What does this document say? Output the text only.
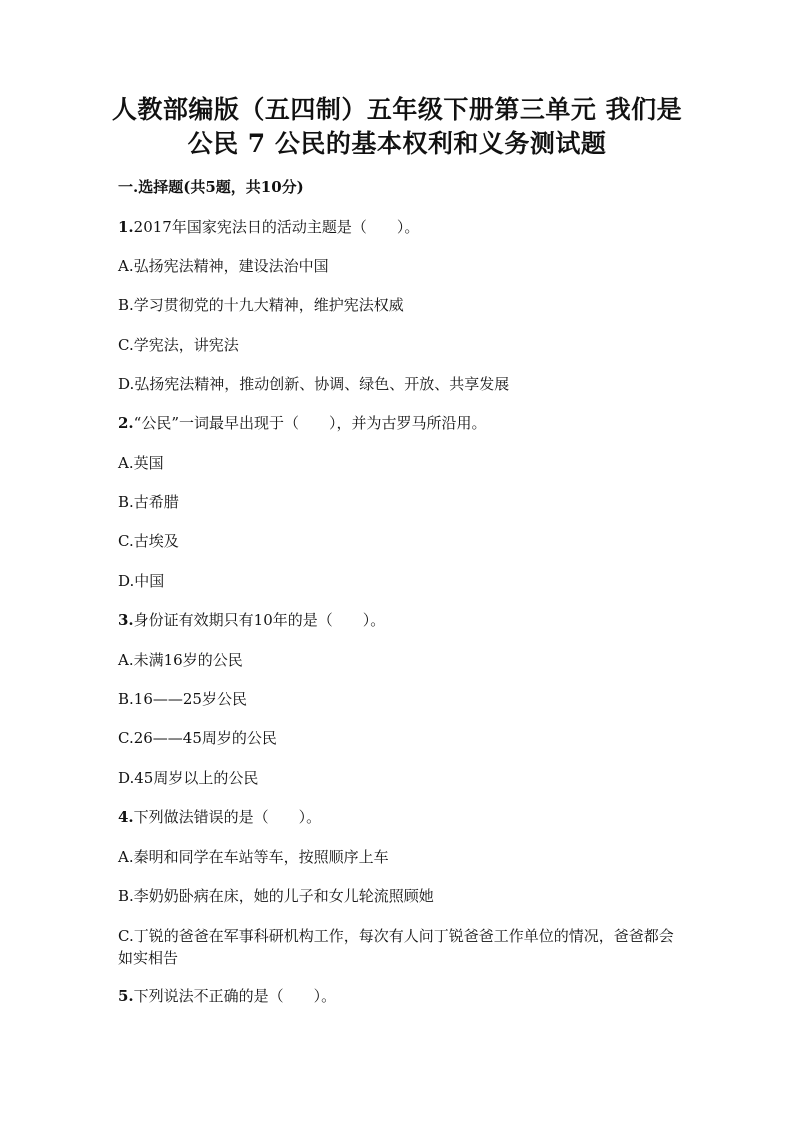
人教部编版（五四制）五年级下册第三单元 我们是
公民 7 公民的基本权利和义务测试题

一.选择题(共5题，共10分)

1.2017年国家宪法日的活动主题是（　　）。

A.弘扬宪法精神，建设法治中国

B.学习贯彻党的十九大精神，维护宪法权威

C.学宪法，讲宪法

D.弘扬宪法精神，推动创新、协调、绿色、开放、共享发展

2.“公民”一词最早出现于（　　），并为古罗马所沿用。

A.英国

B.古希腊

C.古埃及

D.中国

3.身份证有效期只有10年的是（　　）。

A.未满16岁的公民

B.16——25岁公民

C.26——45周岁的公民

D.45周岁以上的公民

4.下列做法错误的是（　　）。

A.秦明和同学在车站等车，按照顺序上车

B.李奶奶卧病在床，她的儿子和女儿轮流照顾她

C.丁锐的爸爸在军事科研机构工作，每次有人问丁锐爸爸工作单位的情况，爸爸都会如实相告

5.下列说法不正确的是（　　）。
